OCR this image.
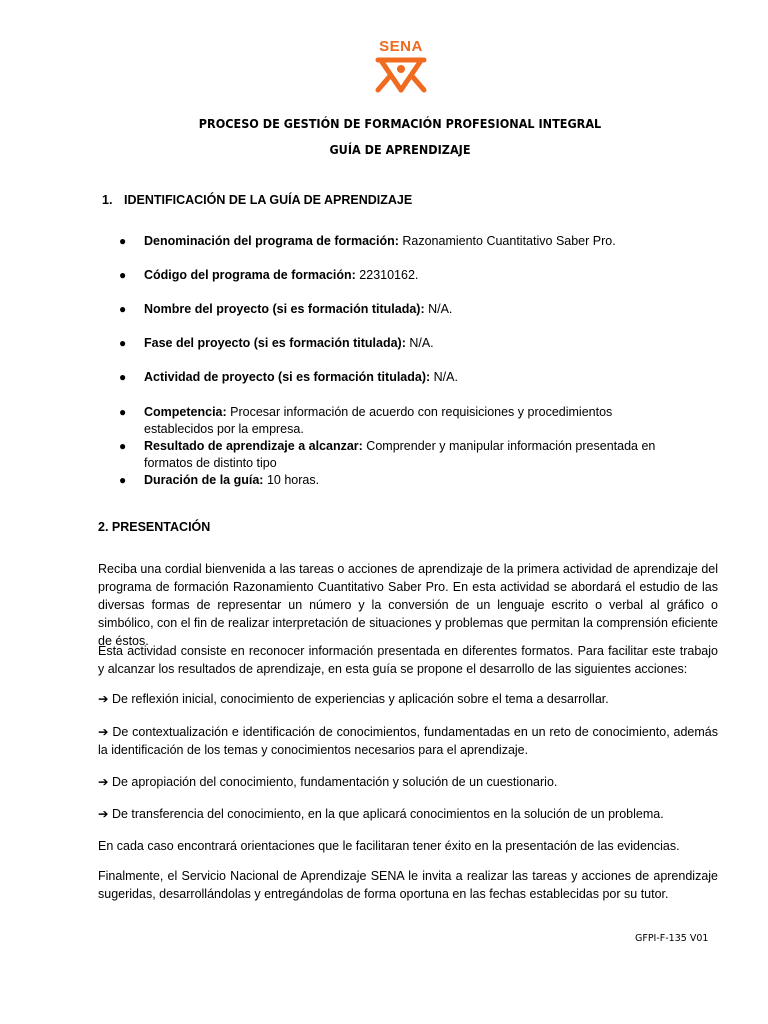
SENA
PROCESO DE GESTIÓN DE FORMACIÓN PROFESIONAL INTEGRAL
GUÍA DE APRENDIZAJE
1. IDENTIFICACIÓN DE LA GUÍA DE APRENDIZAJE
● Denominación del programa de formación: Razonamiento Cuantitativo Saber Pro.
● Código del programa de formación: 22310162.
● Nombre del proyecto (si es formación titulada): N/A.
● Fase del proyecto (si es formación titulada): N/A.
● Actividad de proyecto (si es formación titulada): N/A.
● Competencia: Procesar información de acuerdo con requisiciones y procedimientos establecidos por la empresa.
● Resultado de aprendizaje a alcanzar: Comprender y manipular información presentada en formatos de distinto tipo
● Duración de la guía: 10 horas.
2. PRESENTACIÓN
Reciba una cordial bienvenida a las tareas o acciones de aprendizaje de la primera actividad de aprendizaje del programa de formación Razonamiento Cuantitativo Saber Pro. En esta actividad se abordará el estudio de las diversas formas de representar un número y la conversión de un lenguaje escrito o verbal al gráfico o simbólico, con el fin de realizar interpretación de situaciones y problemas que permitan la comprensión eficiente de éstos.
Esta actividad consiste en reconocer información presentada en diferentes formatos. Para facilitar este trabajo y alcanzar los resultados de aprendizaje, en esta guía se propone el desarrollo de las siguientes acciones:
➔ De reflexión inicial, conocimiento de experiencias y aplicación sobre el tema a desarrollar.
➔ De contextualización e identificación de conocimientos, fundamentadas en un reto de conocimiento, además la identificación de los temas y conocimientos necesarios para el aprendizaje.
➔ De apropiación del conocimiento, fundamentación y solución de un cuestionario.
➔ De transferencia del conocimiento, en la que aplicará conocimientos en la solución de un problema.
En cada caso encontrará orientaciones que le facilitaran tener éxito en la presentación de las evidencias.
Finalmente, el Servicio Nacional de Aprendizaje SENA le invita a realizar las tareas y acciones de aprendizaje sugeridas, desarrollándolas y entregándolas de forma oportuna en las fechas establecidas por su tutor.
GFPI-F-135 V01
